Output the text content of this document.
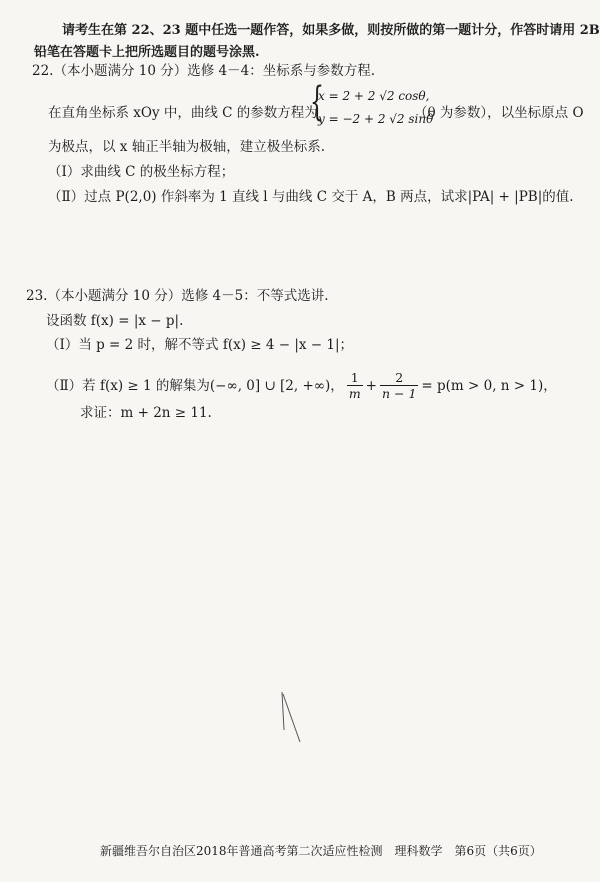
请考生在第 22、23 题中任选一题作答，如果多做，则按所做的第一题计分，作答时请用 2B
铅笔在答题卡上把所选题目的题号涂黑.
22.（本小题满分 10 分）选修 4－4：坐标系与参数方程.
在直角坐标系 xOy 中，曲线 C 的参数方程为
{
x = 2 + 2 √2 cosθ,
y = −2 + 2 √2 sinθ
（θ 为参数），以坐标原点 O
为极点，以 x 轴正半轴为极轴，建立极坐标系.
（Ⅰ）求曲线 C 的极坐标方程；
（Ⅱ）过点 P(2,0) 作斜率为 1 直线 l 与曲线 C 交于 A，B 两点，试求|PA| + |PB|的值.
23.（本小题满分 10 分）选修 4－5：不等式选讲.
设函数 f(x) = |x − p|.
（Ⅰ）当 p = 2 时，解不等式 f(x) ≥ 4 − |x − 1|；
（Ⅱ）若 f(x) ≥ 1 的解集为(−∞, 0] ∪ [2, +∞)， $\frac{1}{m} + \frac{2}{n - 1} = p(m > 0$, n > 1)，
求证：m + 2n ≥ 11.
新疆维吾尔自治区2018年普通高考第二次适应性检测　理科数学　第6页（共6页）
